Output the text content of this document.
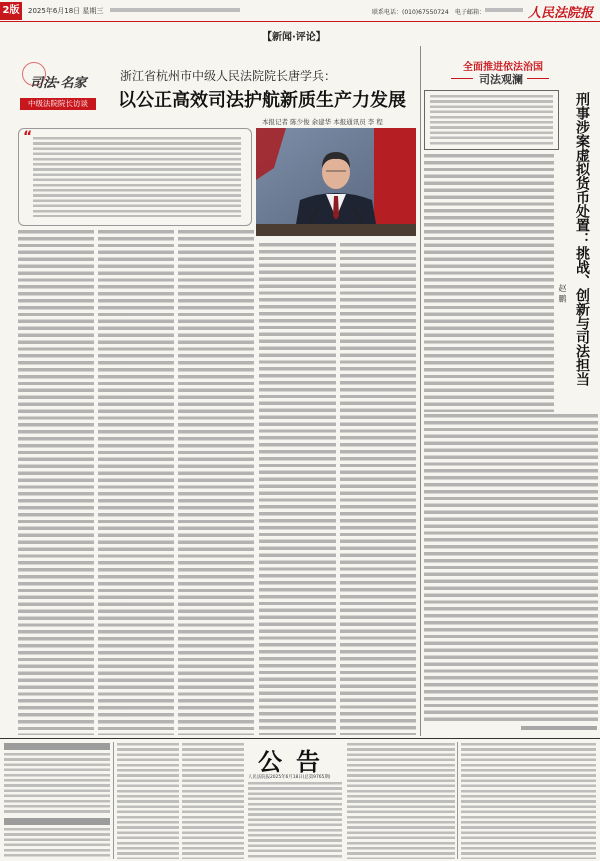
2版	2025年6月18日 星期三	联系电话：(010)67550724 电子邮箱：	人民法院报
【新闻·评论】
司法·名家
中级法院院长访谈
浙江省杭州市中级人民法院院长唐学兵：
以公正高效司法护航新质生产力发展
本报记者 陈少俊 余建华 本报通讯员 李 程
“
全面推进依法治国
司法观澜
刑事涉案虚拟货币处置：挑战、创新与司法担当
赵 鹏
公告
人民法院报2025年6月18日(总第9765期)
